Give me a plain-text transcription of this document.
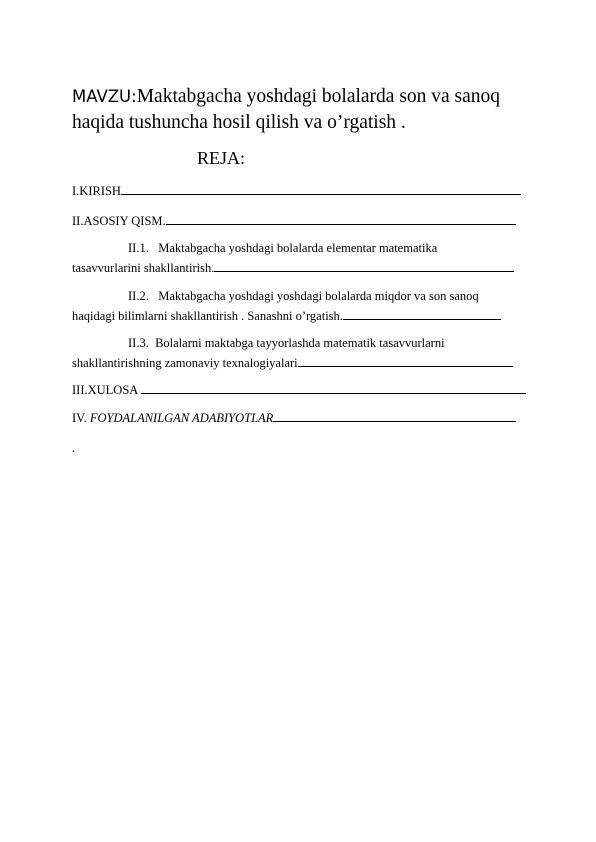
MAVZU:Maktabgacha yoshdagi bolalarda son va sanoq
haqida tushuncha hosil qilish va o’rgatish .
REJA:
I.KIRISH
II.ASOSIY QISM.
II.1. Maktabgacha yoshdagi bolalarda elementar matematika
tasavvurlarini shakllantirish.
II.2. Maktabgacha yoshdagi yoshdagi bolalarda miqdor va son sanoq
haqidagi bilimlarni shakllantirish . Sanashni o’rgatish.
II.3. Bolalarni maktabga tayyorlashda matematik tasavvurlarni
shakllantirishning zamonaviy texnalogiyalari
III.XULOSA
IV. FOYDALANILGAN ADABIYOTLAR
.
